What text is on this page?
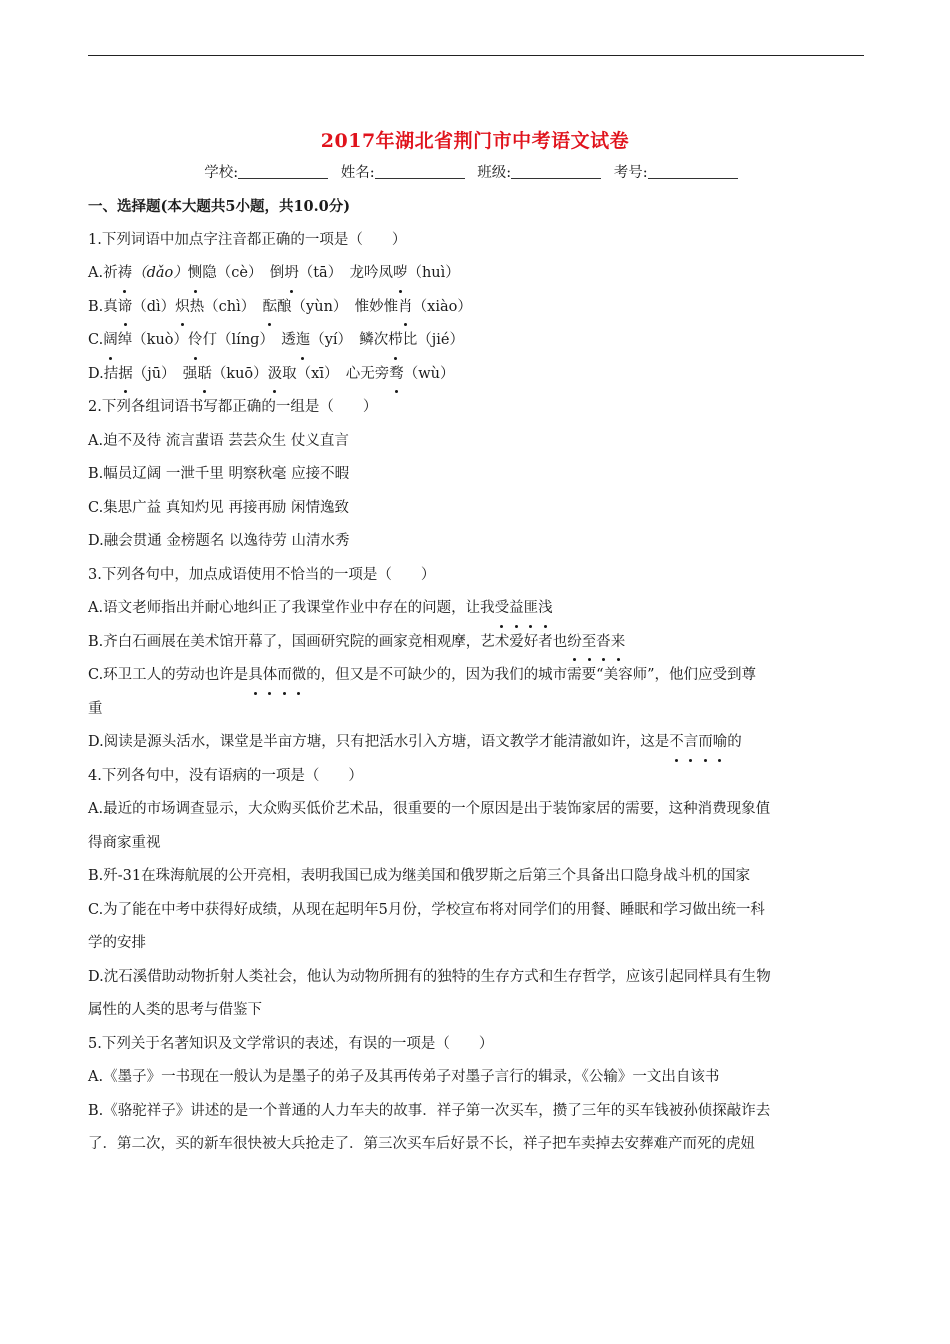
2017年湖北省荆门市中考语文试卷
学校:	姓名:	班级:	考号:
一、选择题(本大题共5小题，共10.0分)
1.下列词语中加点字注音都正确的一项是（　　）
A.祈祷（dǎo）恻隐（cè）　倒坍（tā）　龙吟凤哕（huì）
B.真谛（dì）炽热（chì）　酝酿（yùn）　惟妙惟肖（xiào）
C.阔绰（kuò）伶仃（línɡ）　透迤（yí）　鳞次栉比（jié）
D.拮据（jū）　强聒（kuō）汲取（xī）　心无旁骛（wù）
2.下列各组词语书写都正确的一组是（　　）
A.迫不及待 流言蜚语 芸芸众生 仗义直言
B.幅员辽阔 一泄千里 明察秋毫 应接不暇
C.集思广益 真知灼见 再接再励 闲情逸致
D.融会贯通 金榜题名 以逸待劳 山清水秀
3.下列各句中，加点成语使用不恰当的一项是（　　）
A.语文老师指出并耐心地纠正了我课堂作业中存在的问题，让我受益匪浅
B.齐白石画展在美术馆开幕了，国画研究院的画家竞相观摩，艺术爱好者也纷至沓来
C.环卫工人的劳动也许是具体而微的，但又是不可缺少的，因为我们的城市需要“美容师”，他们应受到尊
重
D.阅读是源头活水，课堂是半亩方塘，只有把活水引入方塘，语文教学才能清澈如许，这是不言而喻的
4.下列各句中，没有语病的一项是（　　）
A.最近的市场调查显示，大众购买低价艺术品，很重要的一个原因是出于装饰家居的需要，这种消费现象值
得商家重视
B.歼-31在珠海航展的公开亮相，表明我国已成为继美国和俄罗斯之后第三个具备出口隐身战斗机的国家
C.为了能在中考中获得好成绩，从现在起明年5月份，学校宣布将对同学们的用餐、睡眠和学习做出统一科
学的安排
D.沈石溪借助动物折射人类社会，他认为动物所拥有的独特的生存方式和生存哲学，应该引起同样具有生物
属性的人类的思考与借鉴下
5.下列关于名著知识及文学常识的表述，有误的一项是（　　）
A.《墨子》一书现在一般认为是墨子的弟子及其再传弟子对墨子言行的辑录，《公输》一文出自该书
B.《骆驼祥子》讲述的是一个普通的人力车夫的故事．祥子第一次买车，攒了三年的买车钱被孙侦探敲诈去
了．第二次，买的新车很快被大兵抢走了．第三次买车后好景不长，祥子把车卖掉去安葬难产而死的虎妞
